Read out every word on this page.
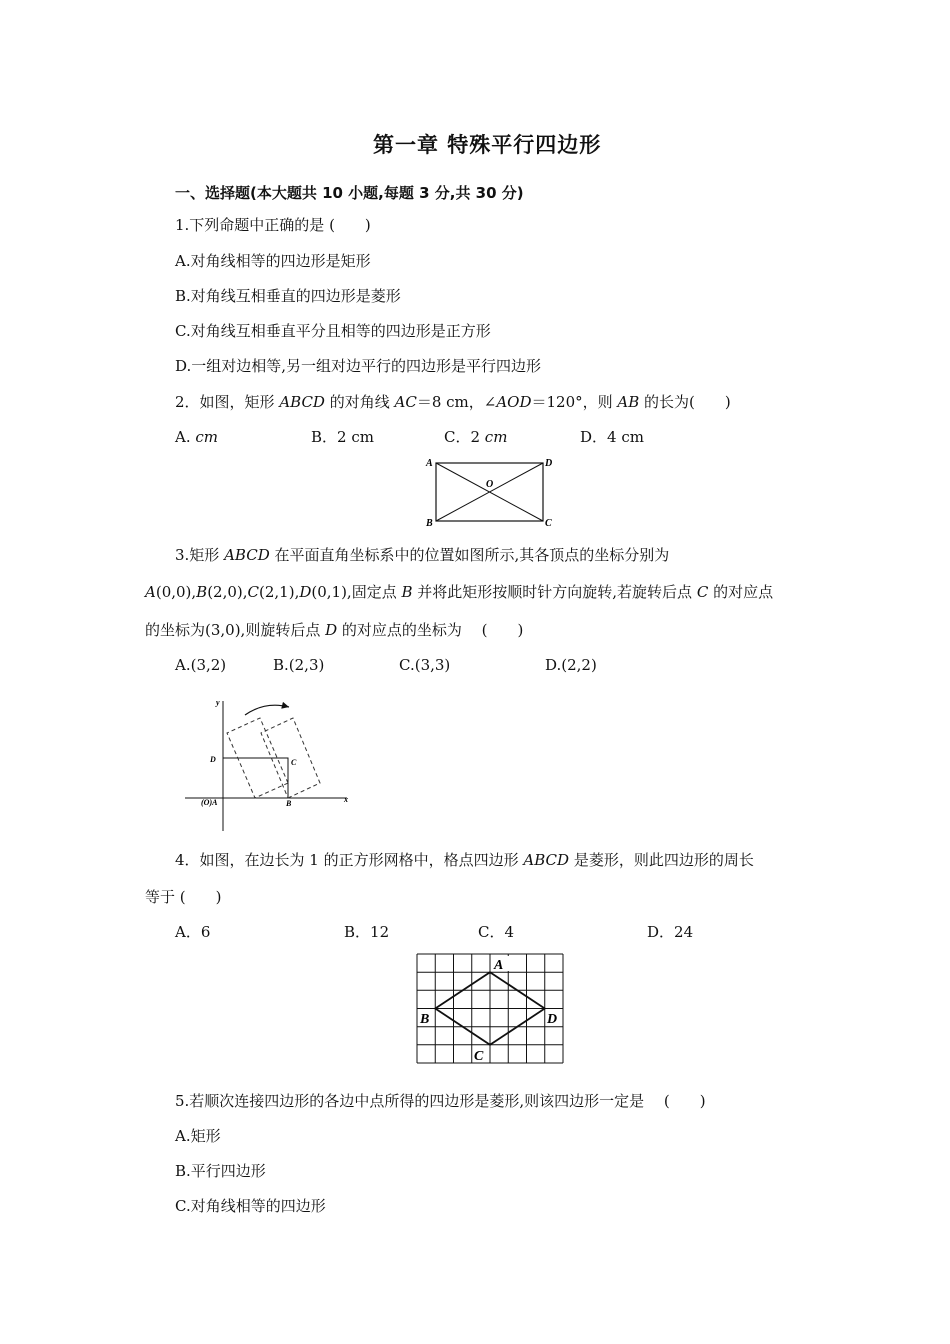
第一章 特殊平行四边形
一、选择题(本大题共 10 小题,每题 3 分,共 30 分)
1.下列命题中正确的是 (　　)
A.对角线相等的四边形是矩形
B.对角线互相垂直的四边形是菱形
C.对角线互相垂直平分且相等的四边形是正方形
D.一组对边相等,另一组对边平行的四边形是平行四边形
2．如图，矩形 ABCD 的对角线 AC＝8 cm，∠AOD＝120°，则 AB 的长为(　　)
A. cm	B．2 cm	C．2 cm	D．4 cm
A
B	C
D
O
3.矩形 ABCD 在平面直角坐标系中的位置如图所示,其各顶点的坐标分别为
A(0,0),B(2,0),C(2,1),D(0,1),固定点 B 并将此矩形按顺时针方向旋转,若旋转后点 C 的对应点
的坐标为(3,0),则旋转后点 D 的对应点的坐标为　 (　　)
A.(3,2)	B.(2,3)	C.(3,3)	D.(2,2)
y
x
D	C
(O)A	B
4．如图，在边长为 1 的正方形网格中，格点四边形 ABCD 是菱形，则此四边形的周长
等于 (　　)
A．6	B．12	C．4	D．24
A
B
C
D
5.若顺次连接四边形的各边中点所得的四边形是菱形,则该四边形一定是　 (　　)
A.矩形
B.平行四边形
C.对角线相等的四边形
